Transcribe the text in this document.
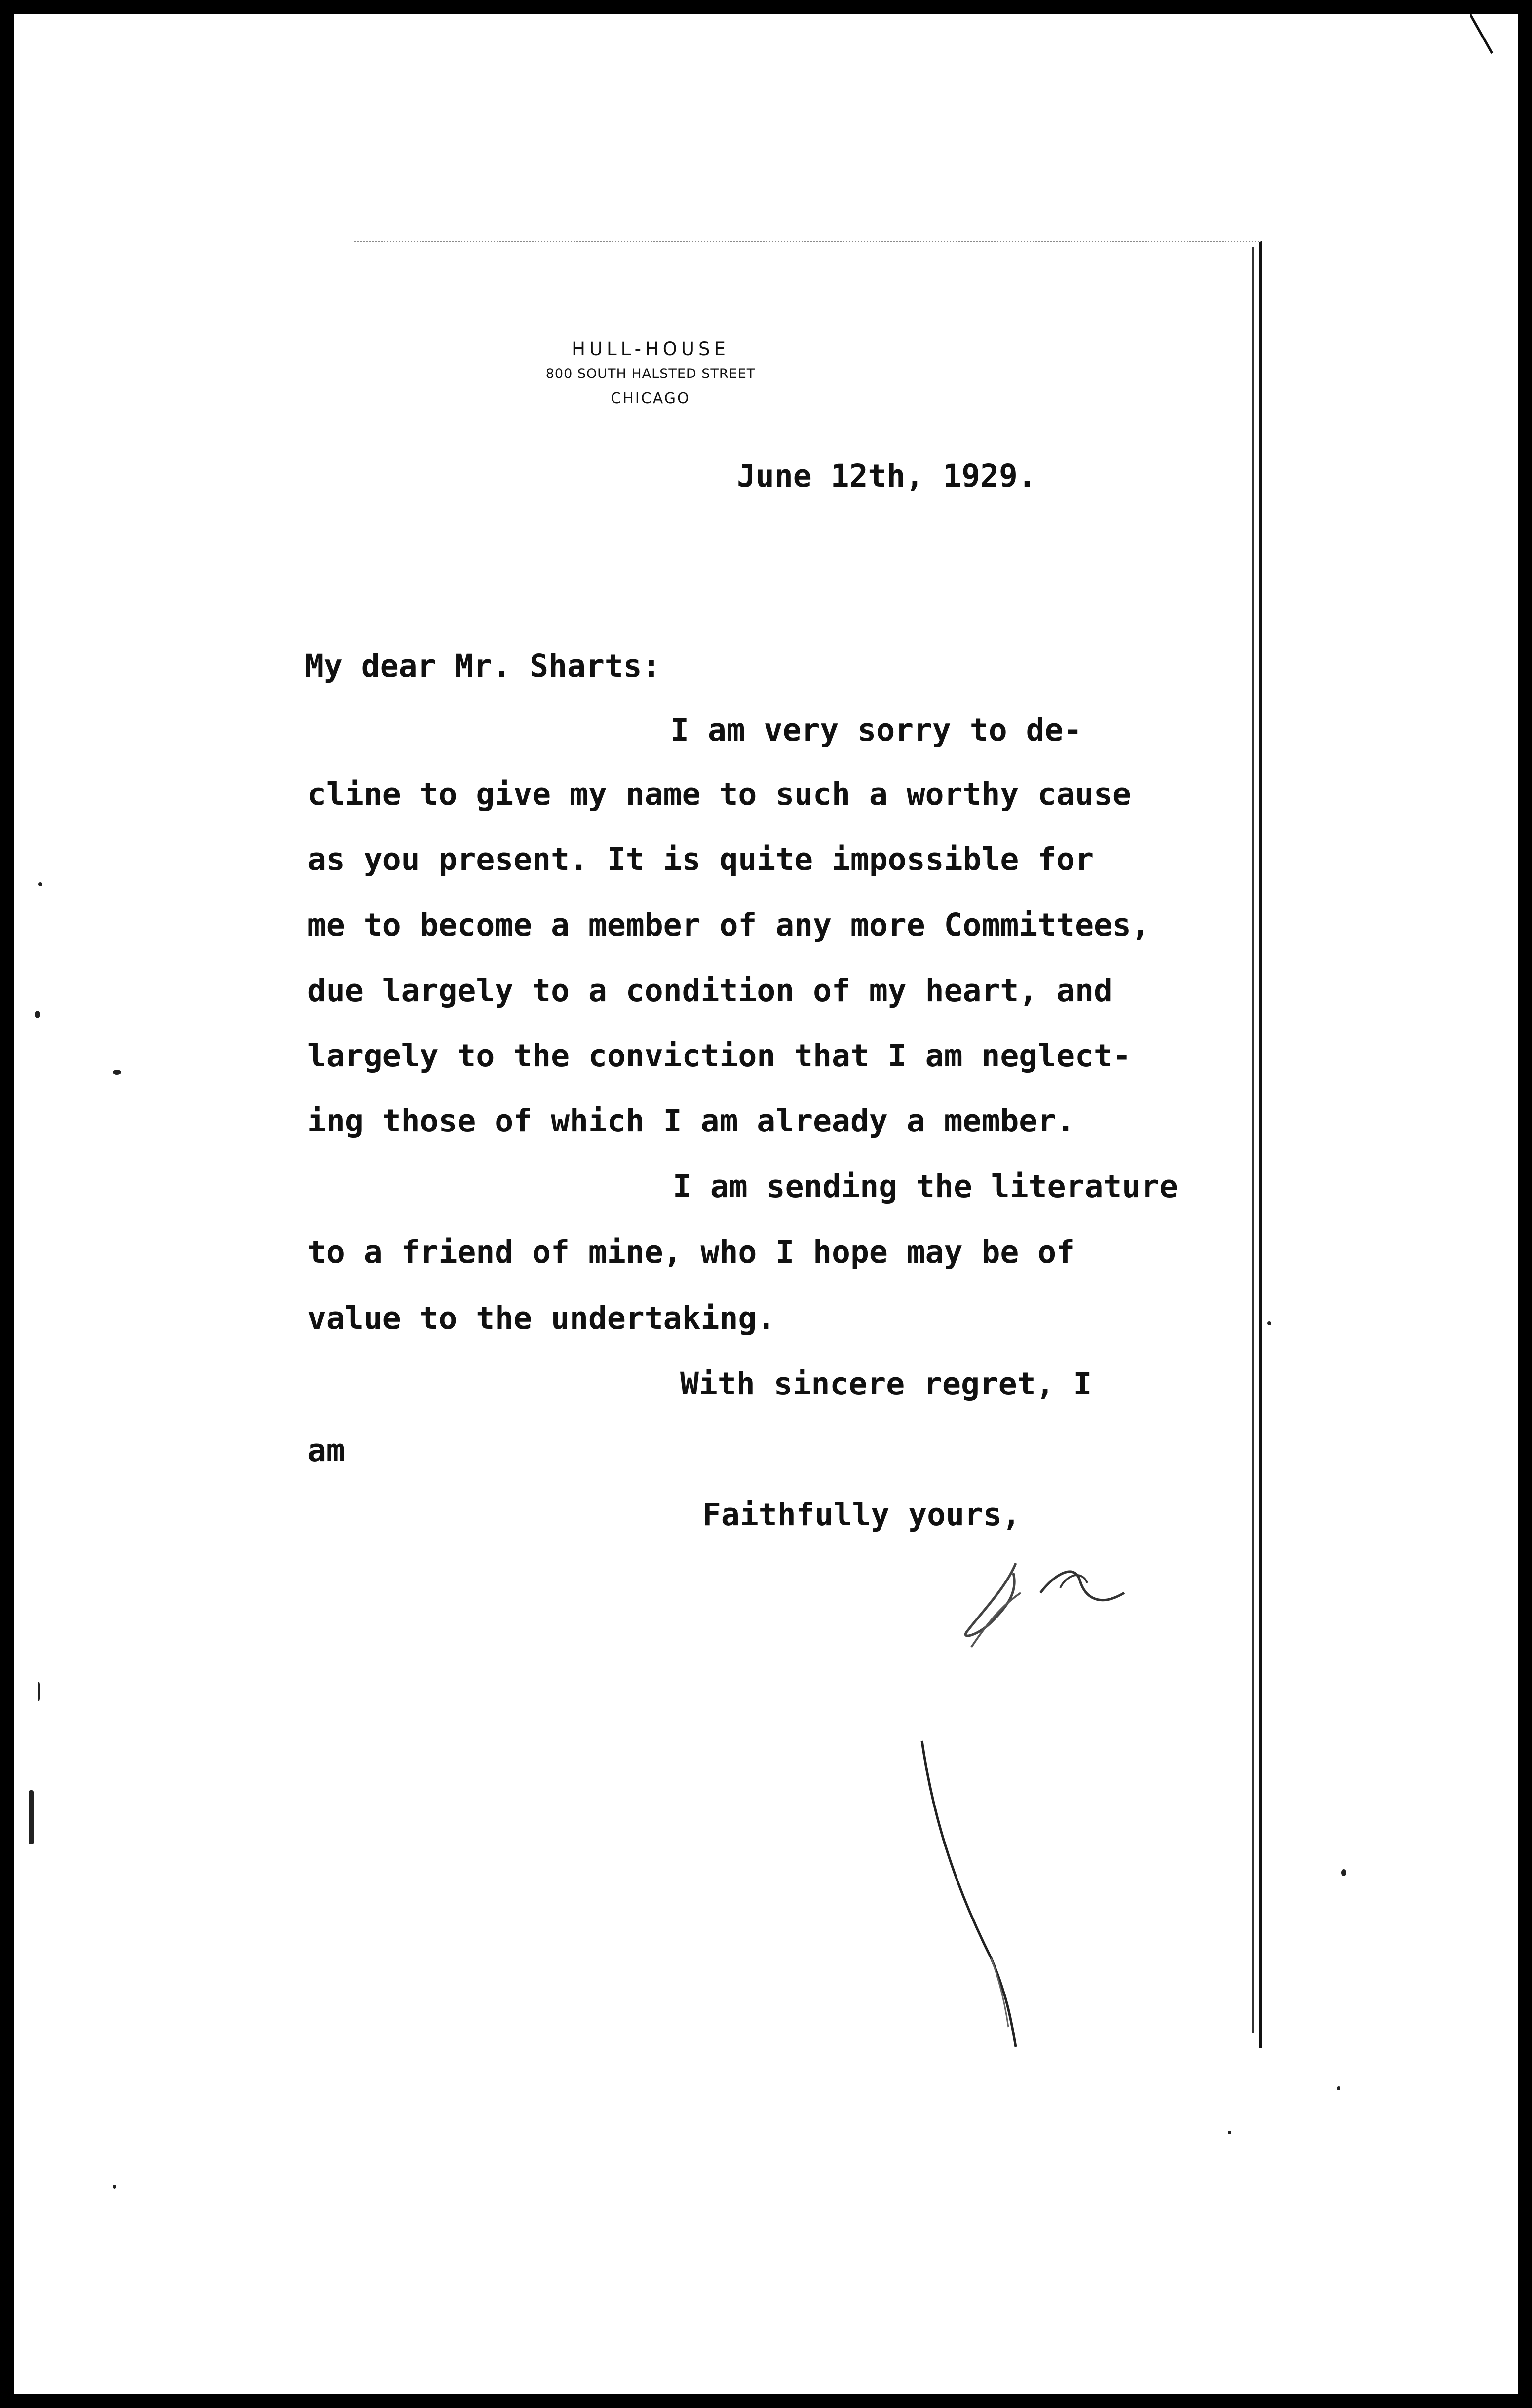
HULL-HOUSE
800 SOUTH HALSTED STREET
CHICAGO
June 12th, 1929.
My dear Mr. Sharts:
I am very sorry to de-
cline to give my name to such a worthy cause
as you present. It is quite impossible for
me to become a member of any more Committees,
due largely to a condition of my heart, and
largely to the conviction that I am neglect-
ing those of which I am already a member.
I am sending the literature
to a friend of mine, who I hope may be of
value to the undertaking.
With sincere regret, I
am
Faithfully yours,
